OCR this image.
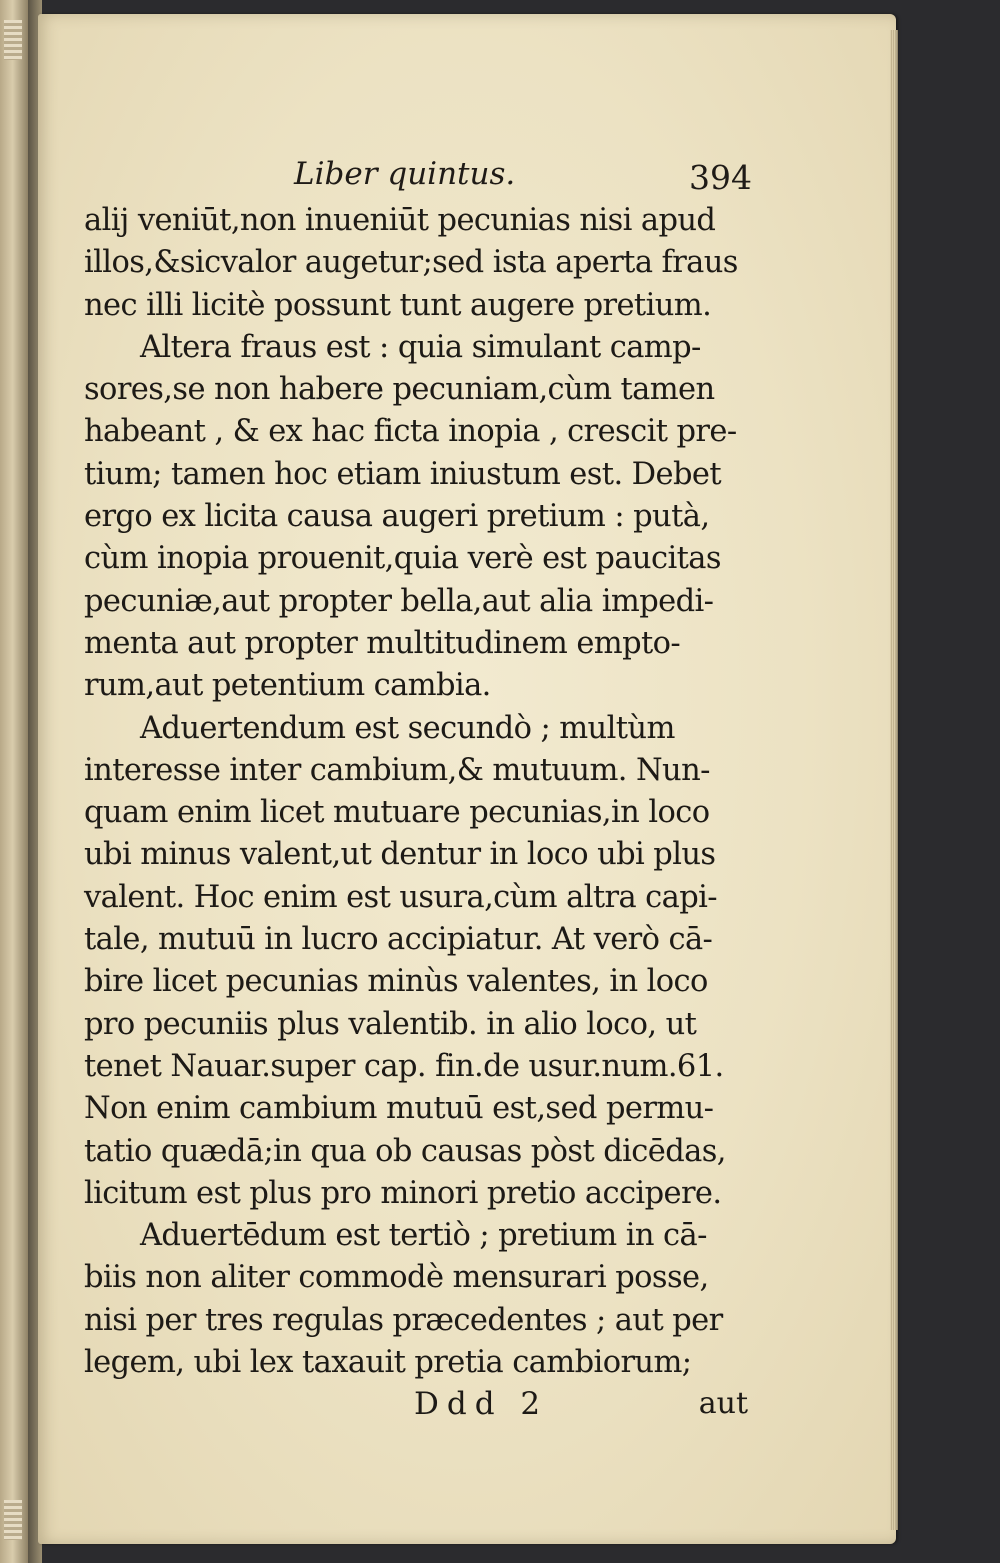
Liber quintus.	394
alij veniūt,non inueniūt pecunias nisi apud
illos,&sicvalor augetur;sed ista aperta fraus
nec illi licitè possunt tunt augere pretium.
Altera fraus est : quia simulant camp-
sores,se non habere pecuniam,cùm tamen
habeant , & ex hac ficta inopia , crescit pre-
tium; tamen hoc etiam iniustum est. Debet
ergo ex licita causa augeri pretium : putà,
cùm inopia prouenit,quia verè est paucitas
pecuniæ,aut propter bella,aut alia impedi-
menta aut propter multitudinem empto-
rum,aut petentium cambia.
Aduertendum est secundò ; multùm
interesse inter cambium,& mutuum. Nun-
quam enim licet mutuare pecunias,in loco
ubi minus valent,ut dentur in loco ubi plus
valent. Hoc enim est usura,cùm altra capi-
tale, mutuū in lucro accipiatur. At verò cā-
bire licet pecunias minùs valentes, in loco
pro pecuniis plus valentib. in alio loco, ut
tenet Nauar.super cap. fin.de usur.num.61.
Non enim cambium mutuū est,sed permu-
tatio quædā;in qua ob causas pòst dicēdas,
licitum est plus pro minori pretio accipere.
Aduertēdum est tertiò ; pretium in cā-
biis non aliter commodè mensurari posse,
nisi per tres regulas præcedentes ; aut per
legem, ubi lex taxauit pretia cambiorum;
Ddd 2	aut
